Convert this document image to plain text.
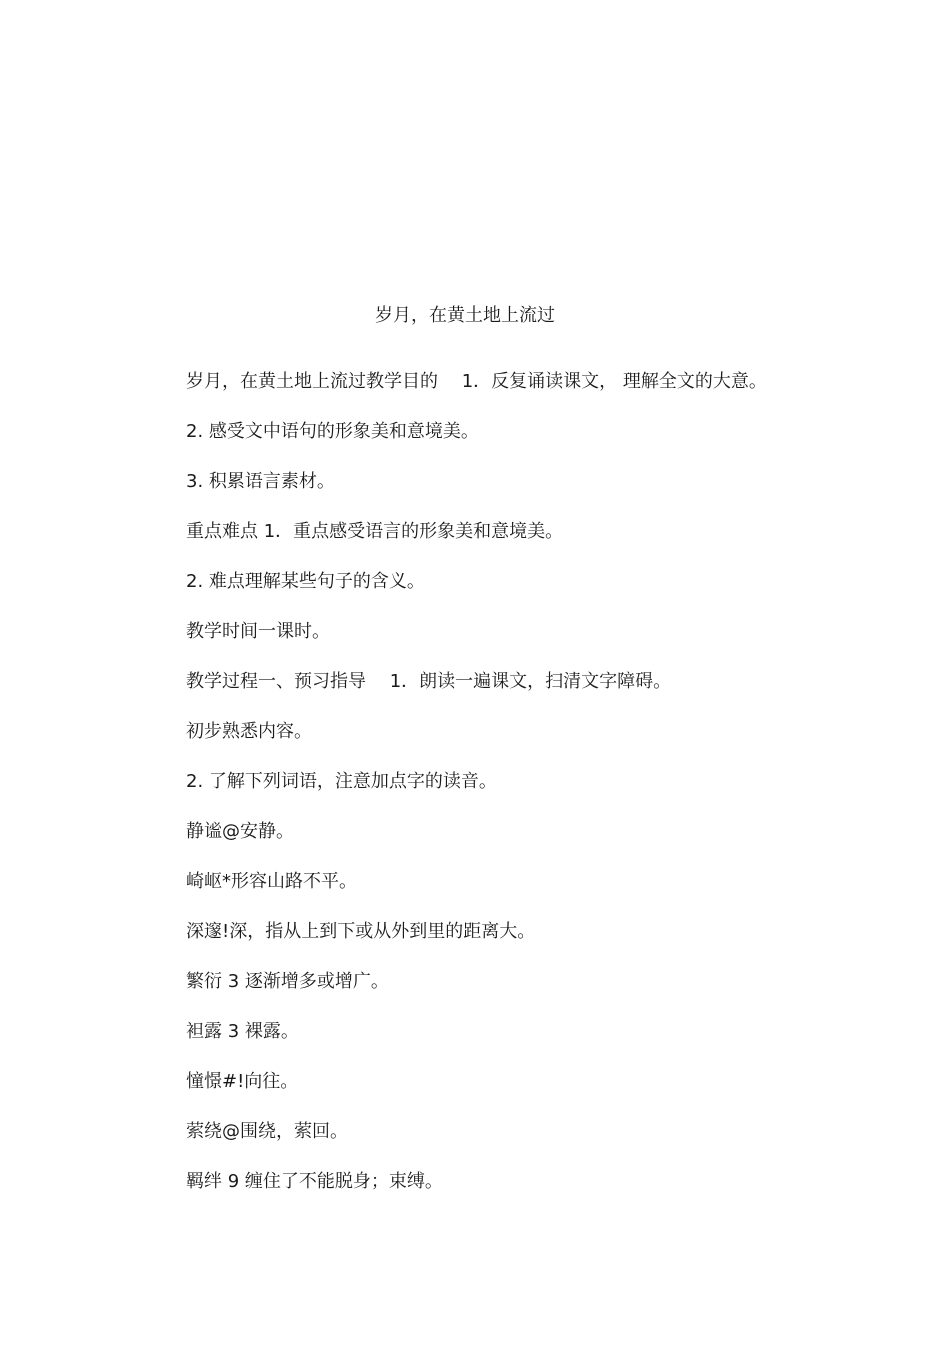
岁月，在黄土地上流过
岁月，在黄土地上流过教学目的　 1．反复诵读课文， 理解全文的大意。
2. 感受文中语句的形象美和意境美。
3. 积累语言素材。
重点难点 1．重点感受语言的形象美和意境美。
2. 难点理解某些句子的含义。
教学时间一课时。
教学过程一、预习指导　 1．朗读一遍课文，扫清文字障碍。
初步熟悉内容。
2. 了解下列词语，注意加点字的读音。
静谧@安静。
崎岖*形容山路不平。
深邃!深，指从上到下或从外到里的距离大。
繁衍 3 逐渐增多或增广。
袒露 3 裸露。
憧憬#!向往。
萦绕@围绕，萦回。
羁绊 9 缠住了不能脱身；束缚。
